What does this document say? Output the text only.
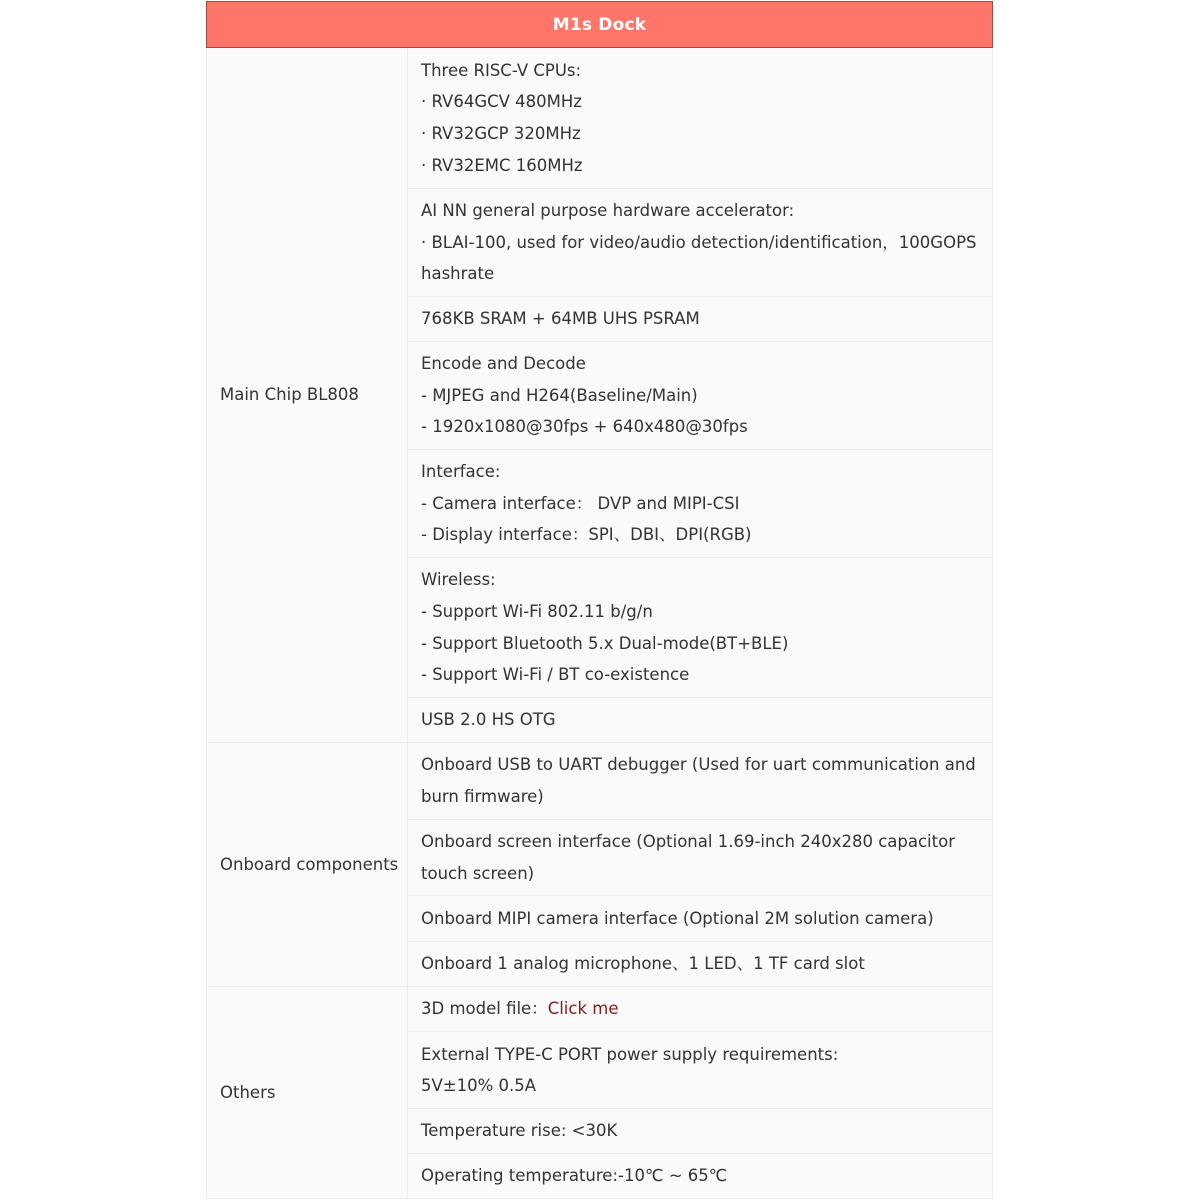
M1s Dock	
Main Chip BL808	Three RISC-V CPUs:
· RV64GCV 480MHz
· RV32GCP 320MHz
· RV32EMC 160MHz

	AI NN general purpose hardware accelerator:
· BLAI-100, used for video/audio detection/identification，100GOPS
hashrate

	768KB SRAM + 64MB UHS PSRAM

	Encode and Decode
- MJPEG and H264(Baseline/Main)
- 1920x1080@30fps + 640x480@30fps

	Interface:
- Camera interface： DVP and MIPI-CSI
- Display interface：SPI、DBI、DPI(RGB)

	Wireless:
- Support Wi-Fi 802.11 b/g/n
- Support Bluetooth 5.x Dual-mode(BT+BLE)
- Support Wi-Fi / BT co-existence

	USB 2.0 HS OTG

Onboard components	Onboard USB to UART debugger (Used for uart communication and
burn firmware)

	Onboard screen interface (Optional 1.69-inch 240x280 capacitor
touch screen)

	Onboard MIPI camera interface (Optional 2M solution camera)

	Onboard 1 analog microphone、1 LED、1 TF card slot

Others	3D model file：Click me

	External TYPE-C PORT power supply requirements:
5V±10% 0.5A

	Temperature rise: <30K

	Operating temperature:-10℃ ~ 65℃
